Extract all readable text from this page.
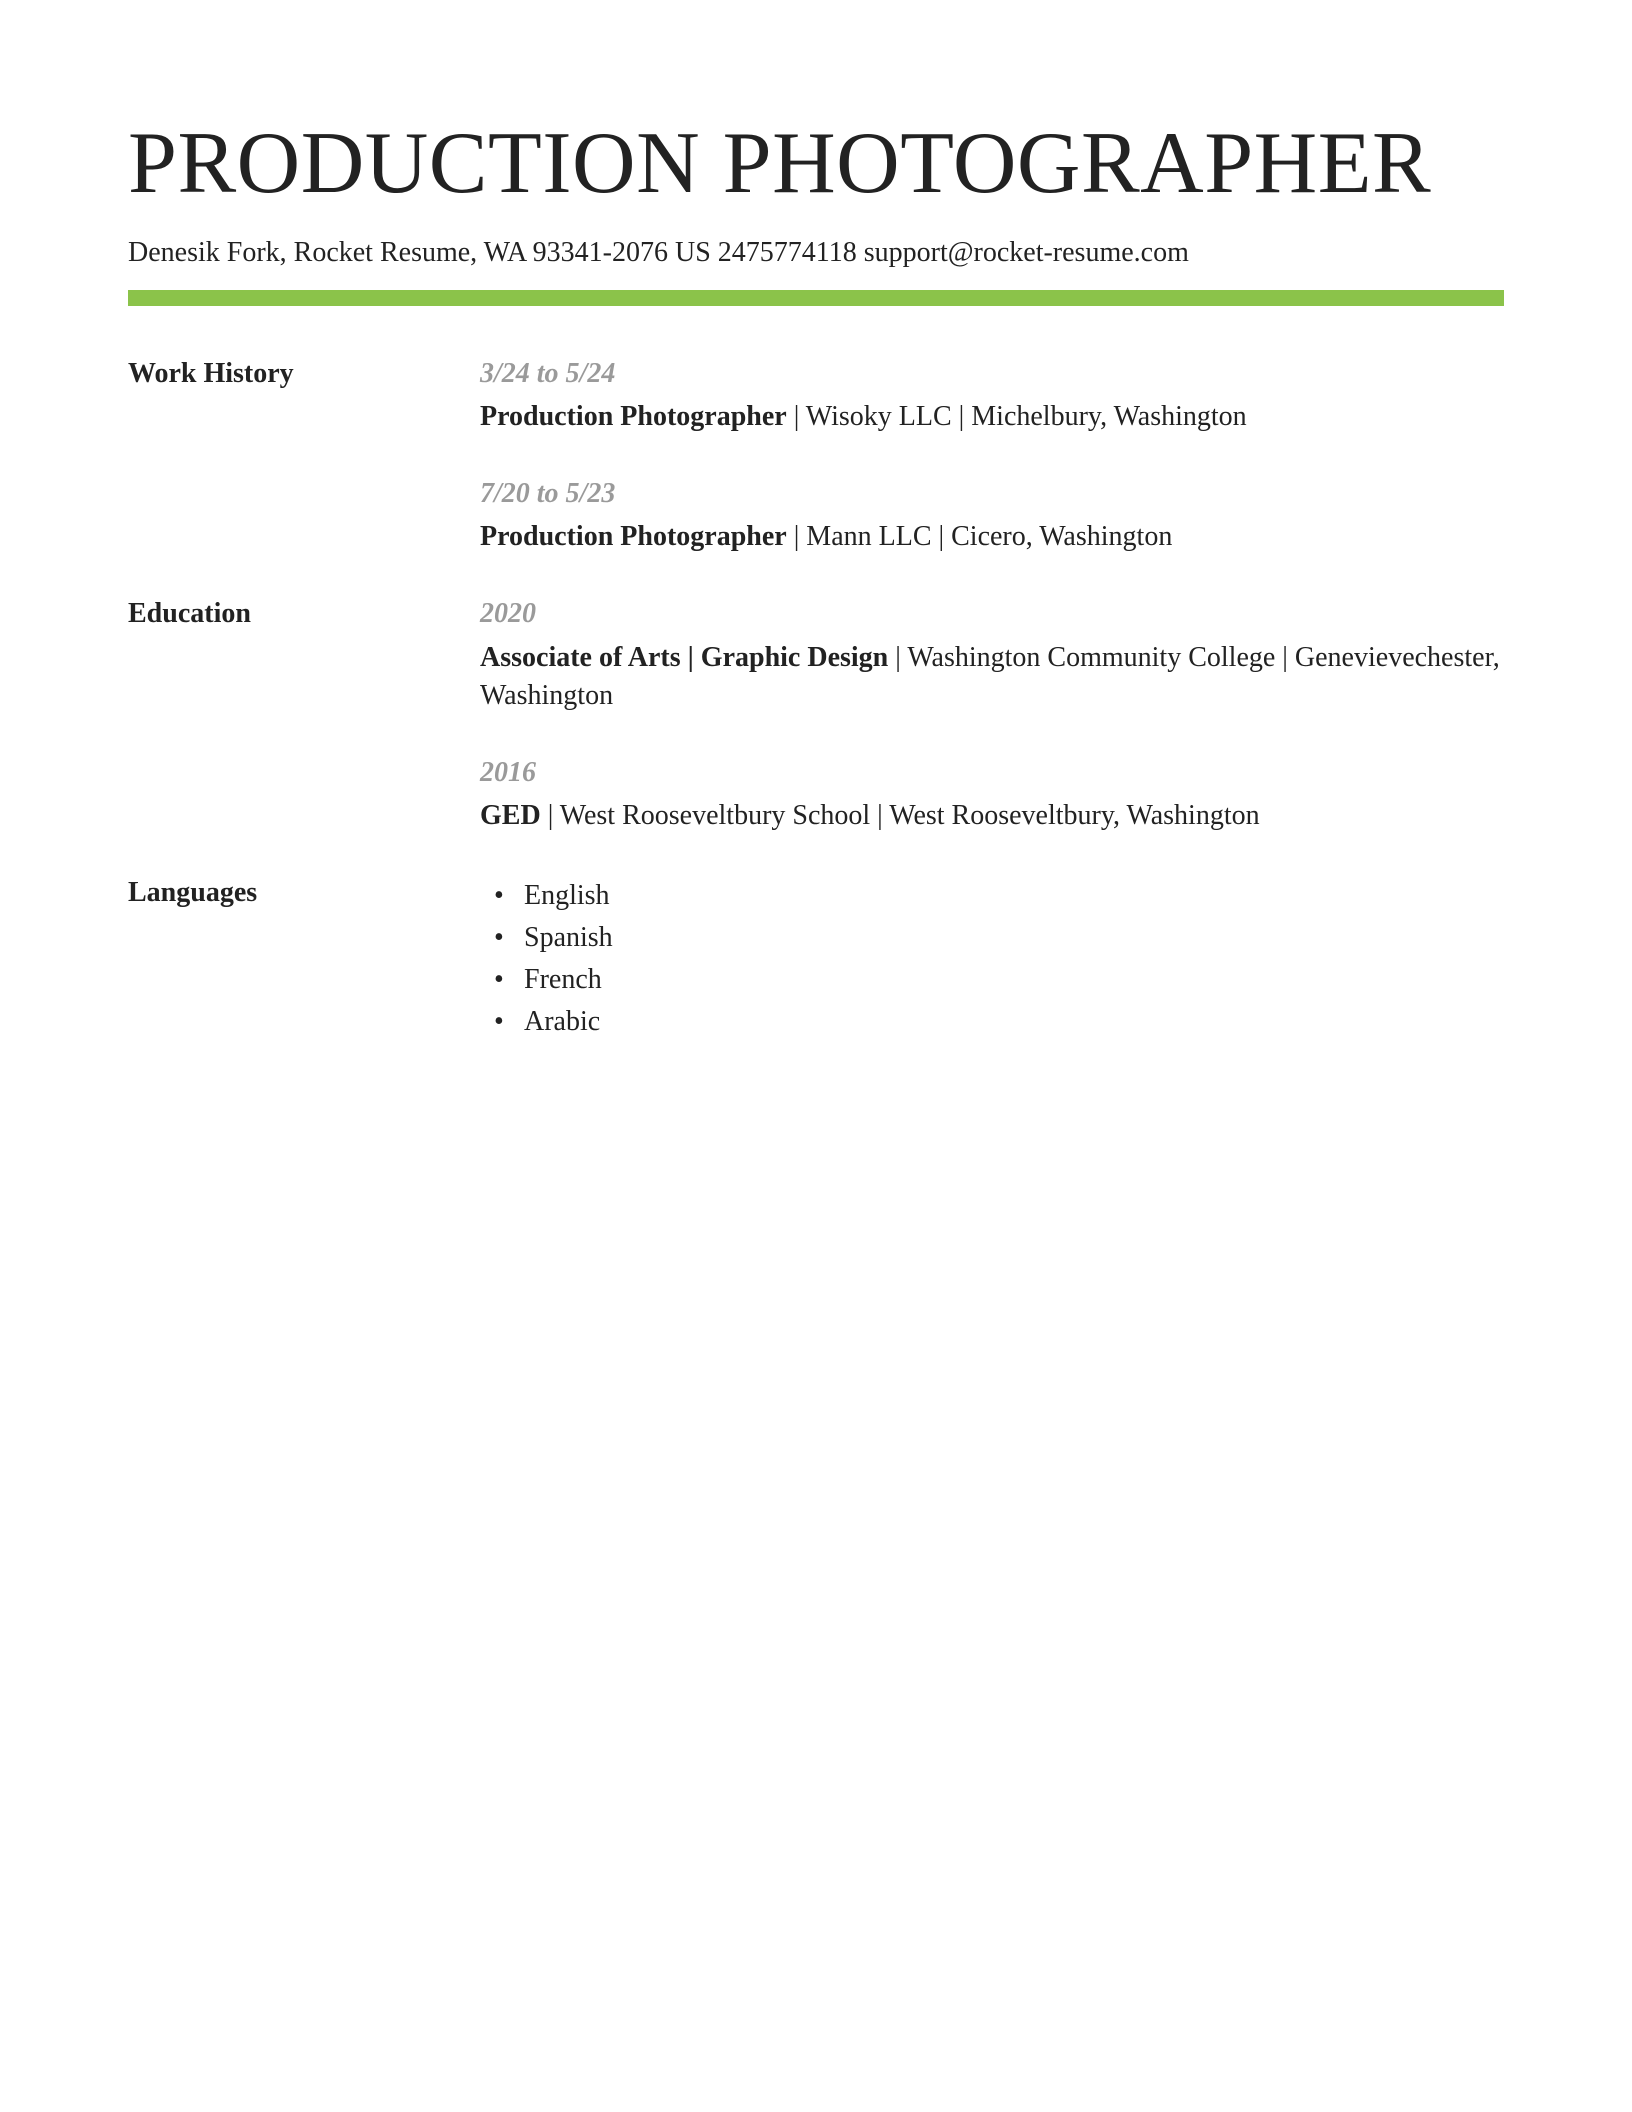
PRODUCTION PHOTOGRAPHER
Denesik Fork, Rocket Resume, WA 93341-2076 US 2475774118 support@rocket-resume.com
Work History	3/24 to 5/24
Production Photographer | Wisoky LLC | Michelbury, Washington
7/20 to 5/23
Production Photographer | Mann LLC | Cicero, Washington
Education	2020
Associate of Arts | Graphic Design | Washington Community College | Genevievechester, Washington
2016
GED | West Rooseveltbury School | West Rooseveltbury, Washington
Languages	• English
• Spanish
• French
• Arabic
